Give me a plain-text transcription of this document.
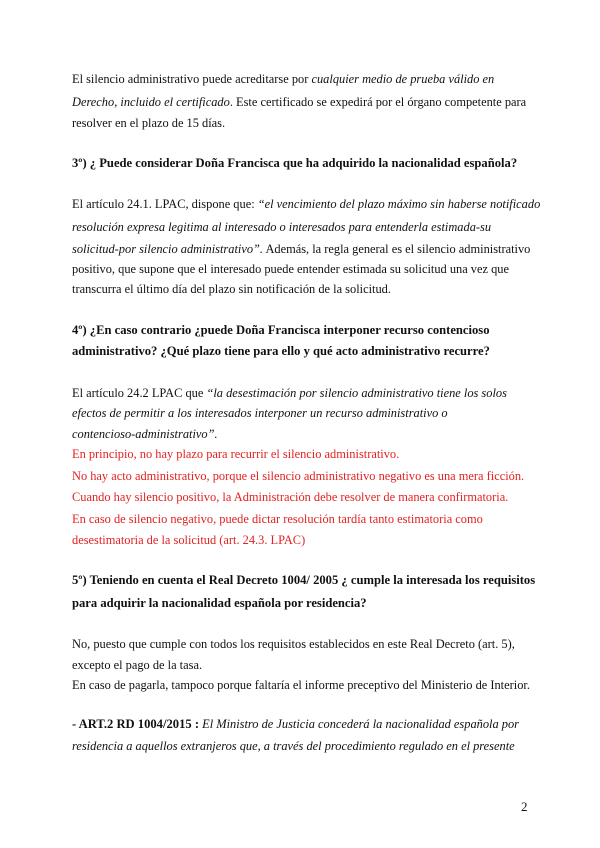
El silencio administrativo puede acreditarse por cualquier medio de prueba válido en
Derecho, incluido el certificado. Este certificado se expedirá por el órgano competente para
resolver en el plazo de 15 días.
3º) ¿ Puede considerar Doña Francisca que ha adquirido la nacionalidad española?
El artículo 24.1. LPAC, dispone que: “el vencimiento del plazo máximo sin haberse notificado
resolución expresa legitima al interesado o interesados para entenderla estimada-su
solicitud-por silencio administrativo”. Además, la regla general es el silencio administrativo
positivo, que supone que el interesado puede entender estimada su solicitud una vez que
transcurra el último día del plazo sin notificación de la solicitud.
4º) ¿En caso contrario ¿puede Doña Francisca interponer recurso contencioso
administrativo? ¿Qué plazo tiene para ello y qué acto administrativo recurre?
El artículo 24.2 LPAC que “la desestimación por silencio administrativo tiene los solos
efectos de permitir a los interesados interponer un recurso administrativo o
contencioso-administrativo”.
En principio, no hay plazo para recurrir el silencio administrativo.
No hay acto administrativo, porque el silencio administrativo negativo es una mera ficción.
Cuando hay silencio positivo, la Administración debe resolver de manera confirmatoria.
En caso de silencio negativo, puede dictar resolución tardía tanto estimatoria como
desestimatoria de la solicitud (art. 24.3. LPAC)
5º) Teniendo en cuenta el Real Decreto 1004/ 2005 ¿ cumple la interesada los requisitos
para adquirir la nacionalidad española por residencia?
No, puesto que cumple con todos los requisitos establecidos en este Real Decreto (art. 5),
excepto el pago de la tasa.
En caso de pagarla, tampoco porque faltaría el informe preceptivo del Ministerio de Interior.
- ART.2 RD 1004/2015 : El Ministro de Justicia concederá la nacionalidad española por
residencia a aquellos extranjeros que, a través del procedimiento regulado en el presente
2
